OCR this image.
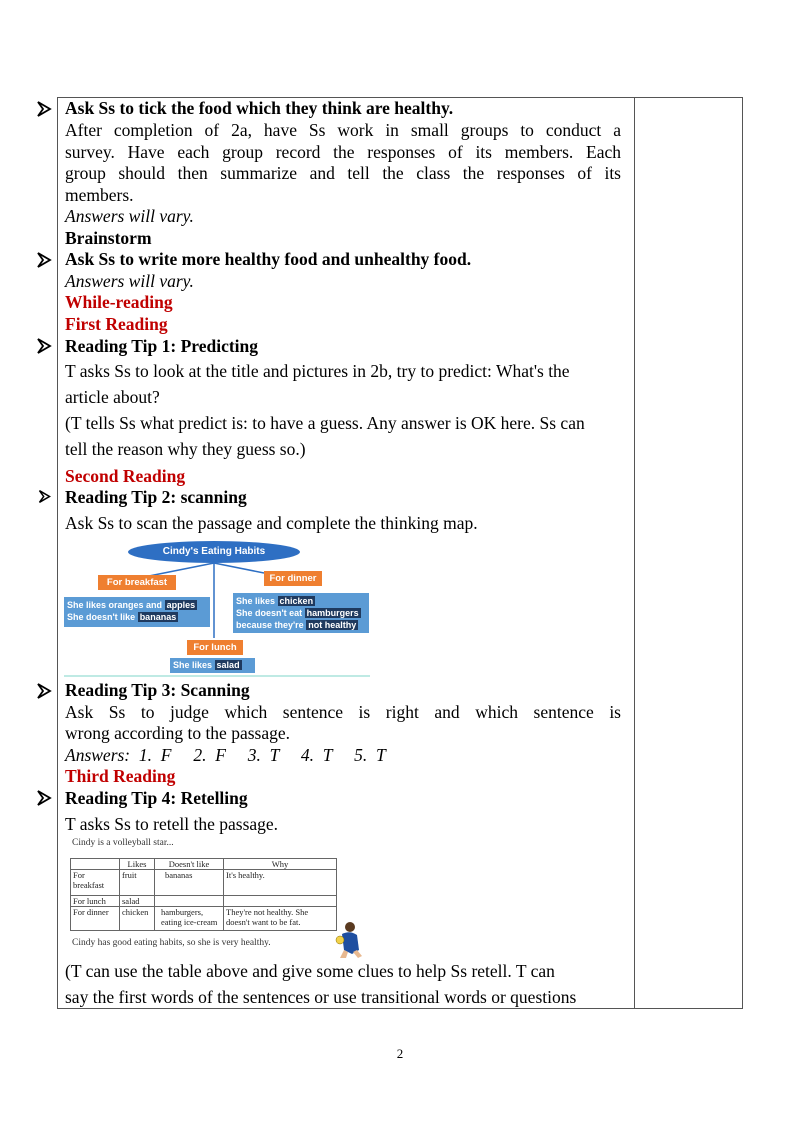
Ask Ss to tick the food which they think are healthy.
After completion of 2a, have Ss work in small groups to conduct a
survey. Have each group record the responses of its members. Each
group should then summarize and tell the class the responses of its
members.
Answers will vary.
Brainstorm
Ask Ss to write more healthy food and unhealthy food.
Answers will vary.
While-reading
First Reading
Reading Tip 1: Predicting
T asks Ss to look at the title and pictures in 2b, try to predict: What's the
article about?
(T tells Ss what predict is: to have a guess. Any answer is OK here. Ss can
tell the reason why they guess so.)
Second Reading
Reading Tip 2: scanning
Ask Ss to scan the passage and complete the thinking map.
Cindy's Eating Habits
For breakfast
She likes oranges and apples
She doesn't like bananas
For dinner
She likes chicken
She doesn't eat hamburgers
because they're not healthy
For lunch
She likes salad
Reading Tip 3: Scanning
Ask Ss to judge which sentence is right and which sentence is
wrong according to the passage.
Answers:  1.  F     2.  F     3.  T     4.  T     5.  T
Third Reading
Reading Tip 4: Retelling
T asks Ss to retell the passage.
Cindy is a volleyball star...
	Likes	Doesn't like	Why
For breakfast	fruit	bananas	It's healthy.
For lunch	salad		
For dinner	chicken	hamburgers, eating ice-cream	They're not healthy. She doesn't want to be fat.
Cindy has good eating habits, so she is very healthy.
(T can use the table above and give some clues to help Ss retell. T can
say the first words of the sentences or use transitional words or questions
2
